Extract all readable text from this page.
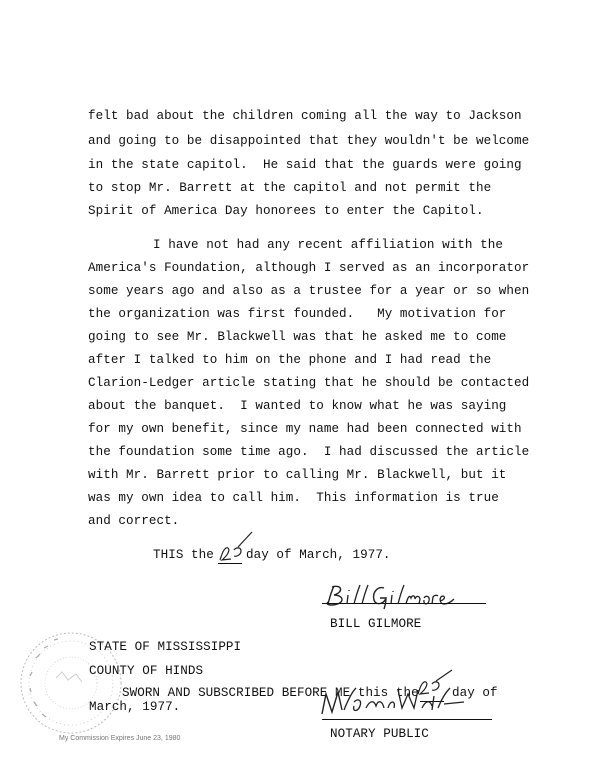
felt bad about the children coming all the way to Jackson
and going to be disappointed that they wouldn't be welcome
in the state capitol.  He said that the guards were going
to stop Mr. Barrett at the capitol and not permit the
Spirit of America Day honorees to enter the Capitol.
I have not had any recent affiliation with the
America's Foundation, although I served as an incorporator
some years ago and also as a trustee for a year or so when
the organization was first founded.   My motivation for
going to see Mr. Blackwell was that he asked me to come
after I talked to him on the phone and I had read the
Clarion-Ledger article stating that he should be contacted
about the banquet.  I wanted to know what he was saying
for my own benefit, since my name had been connected with
the foundation some time ago.  I had discussed the article
with Mr. Barrett prior to calling Mr. Blackwell, but it
was my own idea to call him.  This information is true
and correct.
THIS the	day of March, 1977.
BILL GILMORE
STATE OF MISSISSIPPI
COUNTY OF HINDS
SWORN AND SUBSCRIBED BEFORE ME this the	day of
March, 1977.
NOTARY PUBLIC
My Commission Expires June 23, 1980
